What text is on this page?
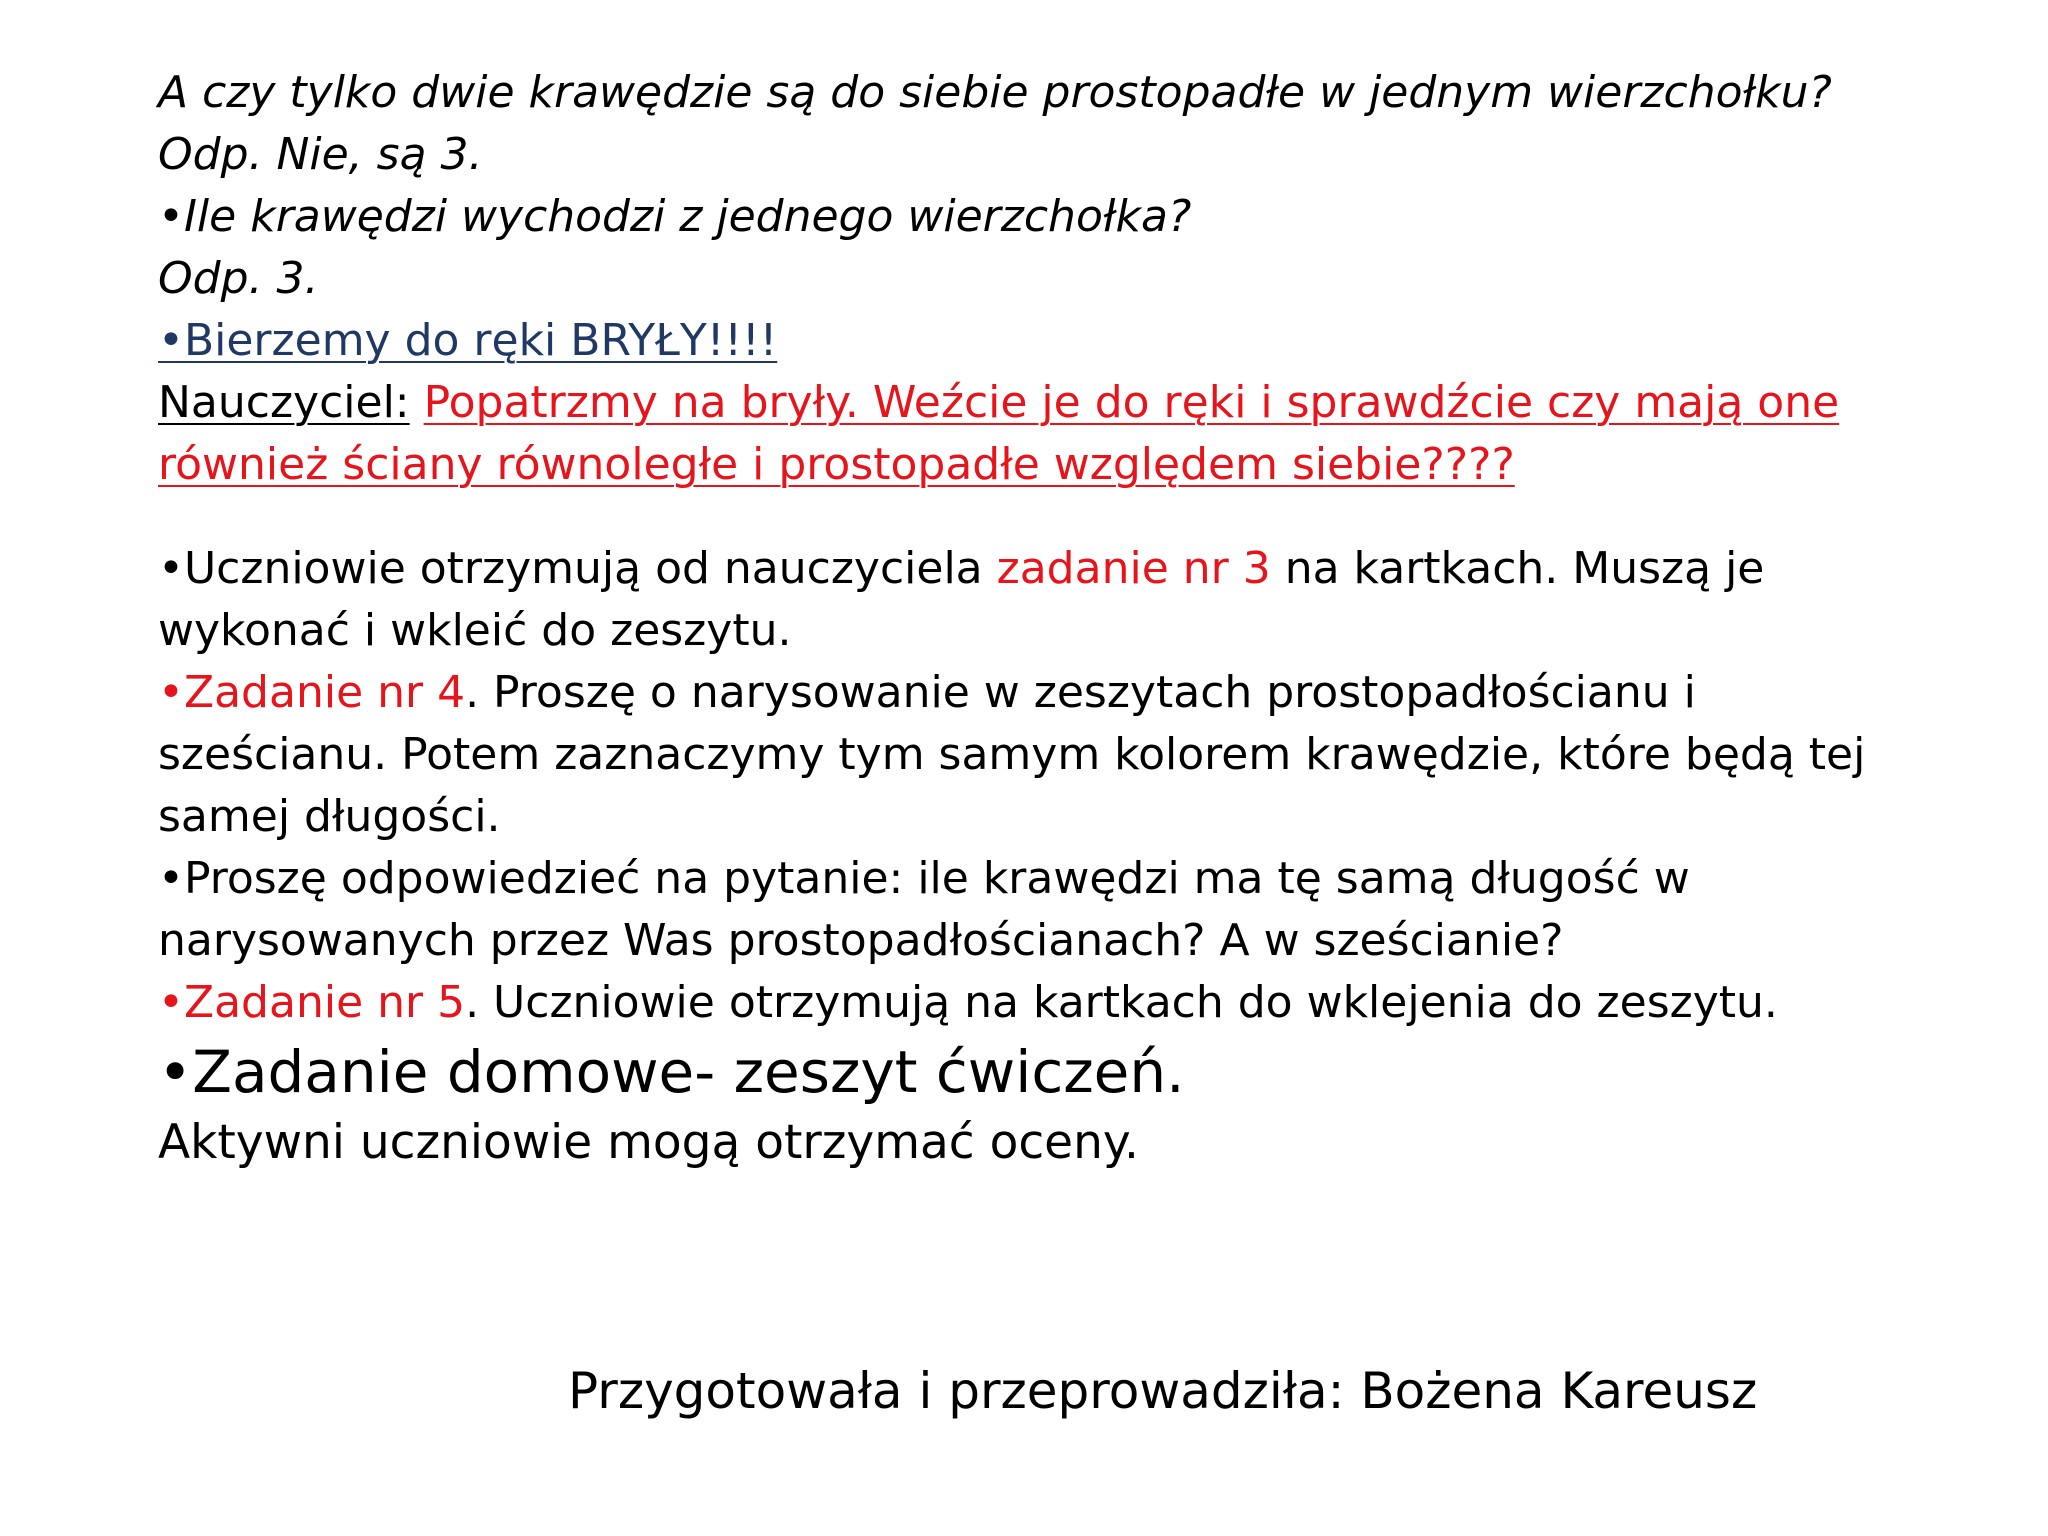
A czy tylko dwie krawędzie są do siebie prostopadłe w jednym wierzchołku?
Odp. Nie, są 3.
•Ile krawędzi wychodzi z jednego wierzchołka?
Odp. 3.
•Bierzemy do ręki BRYŁY!!!!
Nauczyciel: Popatrzmy na bryły. Weźcie je do ręki i sprawdźcie czy mają one
również ściany równoległe i prostopadłe względem siebie????
•Uczniowie otrzymują od nauczyciela zadanie nr 3 na kartkach. Muszą je
wykonać i wkleić do zeszytu.
•Zadanie nr 4. Proszę o narysowanie w zeszytach prostopadłościanu i
sześcianu. Potem zaznaczymy tym samym kolorem krawędzie, które będą tej
samej długości.
•Proszę odpowiedzieć na pytanie: ile krawędzi ma tę samą długość w
narysowanych przez Was prostopadłościanach? A w sześcianie?
•Zadanie nr 5. Uczniowie otrzymują na kartkach do wklejenia do zeszytu.
•Zadanie domowe- zeszyt ćwiczeń.
Aktywni uczniowie mogą otrzymać oceny.
Przygotowała i przeprowadziła: Bożena Kareusz
